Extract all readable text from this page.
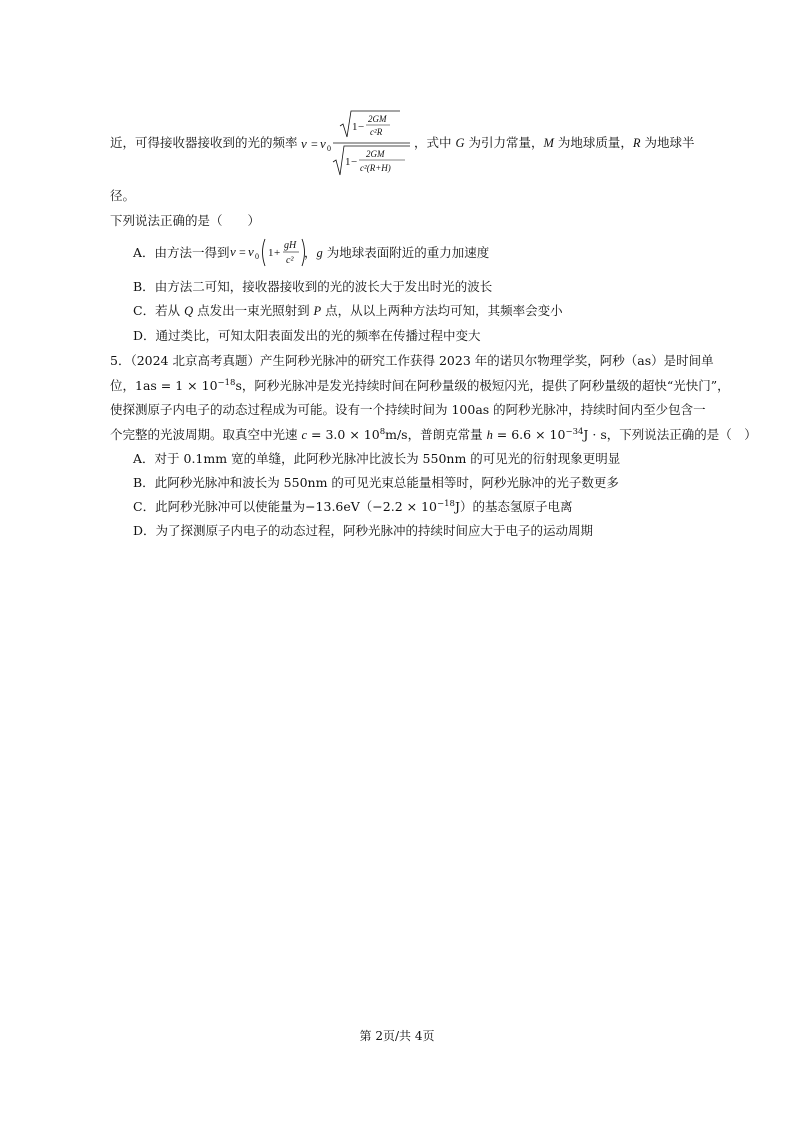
近，可得接收器接收到的光的频率 ν = ν 0
1 −
2GM
c²R
1 −
2GM
c²(R+H)
，式中 G 为引力常量，M 为地球质量，R 为地球半
径。
下列说法正确的是（　　）
A．由方法一得到 ν = ν 0 1 +
gH
c²
，g 为地球表面附近的重力加速度
B．由方法二可知，接收器接收到的光的波长大于发出时光的波长
C．若从 Q 点发出一束光照射到 P 点，从以上两种方法均可知，其频率会变小
D．通过类比，可知太阳表面发出的光的频率在传播过程中变大
5．（2024 北京高考真题）产生阿秒光脉冲的研究工作获得 2023 年的诺贝尔物理学奖，阿秒（as）是时间单
位，$1as = 1 \times 10^{-18}s$，阿秒光脉冲是发光持续时间在阿秒量级的极短闪光，提供了阿秒量级的超快“光快门”，
使探测原子内电子的动态过程成为可能。设有一个持续时间为 100as 的阿秒光脉冲，持续时间内至少包含一
个完整的光波周期。取真空中光速 $c = 3.0 \times 10^8m/s$，普朗克常量 $h = 6.6 \times 10^{-34}J \cdot s$，下列说法正确的是（　）
A．对于 0.1mm 宽的单缝，此阿秒光脉冲比波长为 550nm 的可见光的衍射现象更明显
B．此阿秒光脉冲和波长为 550nm 的可见光束总能量相等时，阿秒光脉冲的光子数更多
C．此阿秒光脉冲可以使能量为$-13.6eV(-2.2 \times 10^{-18}J)$的基态氢原子电离
D．为了探测原子内电子的动态过程，阿秒光脉冲的持续时间应大于电子的运动周期
第 2页/共 4页
